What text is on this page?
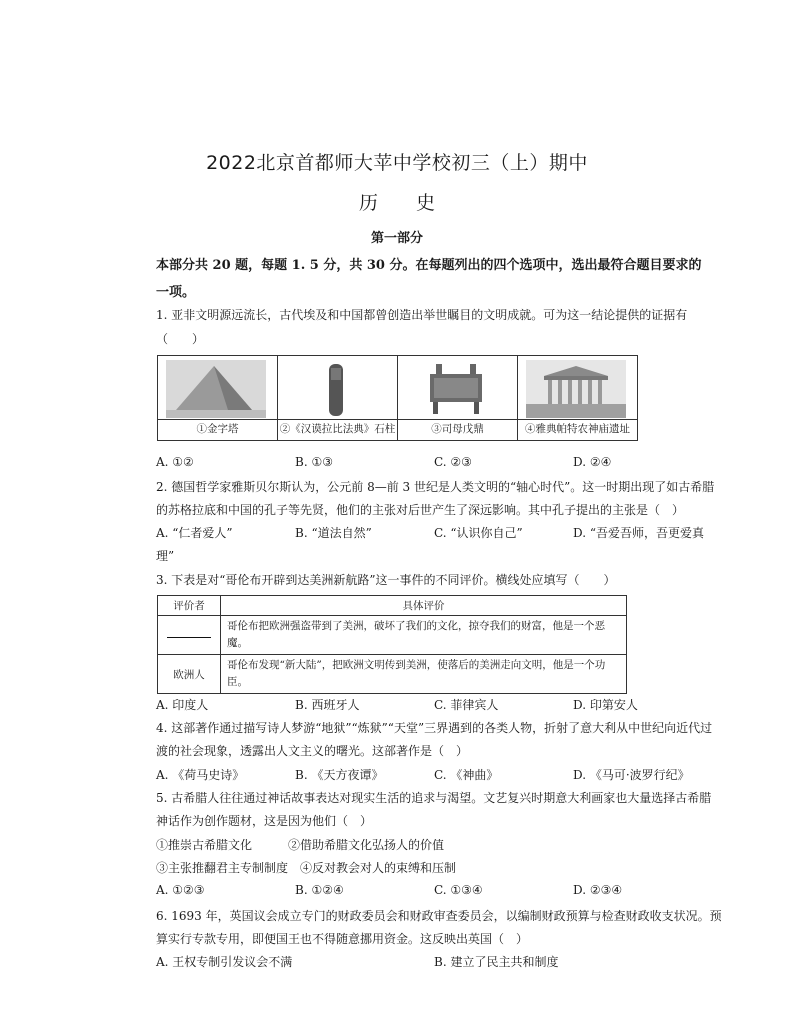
2022北京首都师大苹中学校初三（上）期中
历 史
第一部分
本部分共 20 题，每题 1. 5 分，共 30 分。在每题列出的四个选项中，选出最符合题目要求的
一项。
1. 亚非文明源远流长，古代埃及和中国都曾创造出举世瞩目的文明成就。可为这一结论提供的证据有
（　　）
①金字塔	②《汉谟拉比法典》石柱	③司母戊鼎	④雅典帕特农神庙遗址
A. ①②	B. ①③	C. ②③	D. ②④
2. 德国哲学家雅斯贝尔斯认为，公元前 8—前 3 世纪是人类文明的“轴心时代”。这一时期出现了如古希腊
的苏格拉底和中国的孔子等先贤，他们的主张对后世产生了深远影响。其中孔子提出的主张是（　）
A. “仁者爱人”	B. “道法自然”	C. “认识你自己”	D. “吾爱吾师，吾更爱真
理”
3. 下表是对“哥伦布开辟到达美洲新航路”这一事件的不同评价。横线处应填写（　　）
评价者	具体评价
	哥伦布把欧洲强盗带到了美洲，破坏了我们的文化，掠夺我们的财富，他是一个恶魔。
欧洲人	哥伦布发现“新大陆”，把欧洲文明传到美洲，使落后的美洲走向文明，他是一个功臣。
A. 印度人	B. 西班牙人	C. 菲律宾人	D. 印第安人
4. 这部著作通过描写诗人梦游“地狱”“炼狱”“天堂”三界遇到的各类人物，折射了意大利从中世纪向近代过
渡的社会现象，透露出人文主义的曙光。这部著作是（　）
A. 《荷马史诗》	B. 《天方夜谭》	C. 《神曲》	D. 《马可·波罗行纪》
5. 古希腊人往往通过神话故事表达对现实生活的追求与渴望。文艺复兴时期意大利画家也大量选择古希腊
神话作为创作题材，这是因为他们（　）
①推崇古希腊文化　　　②借助希腊文化弘扬人的价值
③主张推翻君主专制制度　④反对教会对人的束缚和压制
A. ①②③	B. ①②④	C. ①③④	D. ②③④
6. 1693 年，英国议会成立专门的财政委员会和财政审查委员会，以编制财政预算与检查财政收支状况。预
算实行专款专用，即便国王也不得随意挪用资金。这反映出英国（　）
A. 王权专制引发议会不满	B. 建立了民主共和制度
